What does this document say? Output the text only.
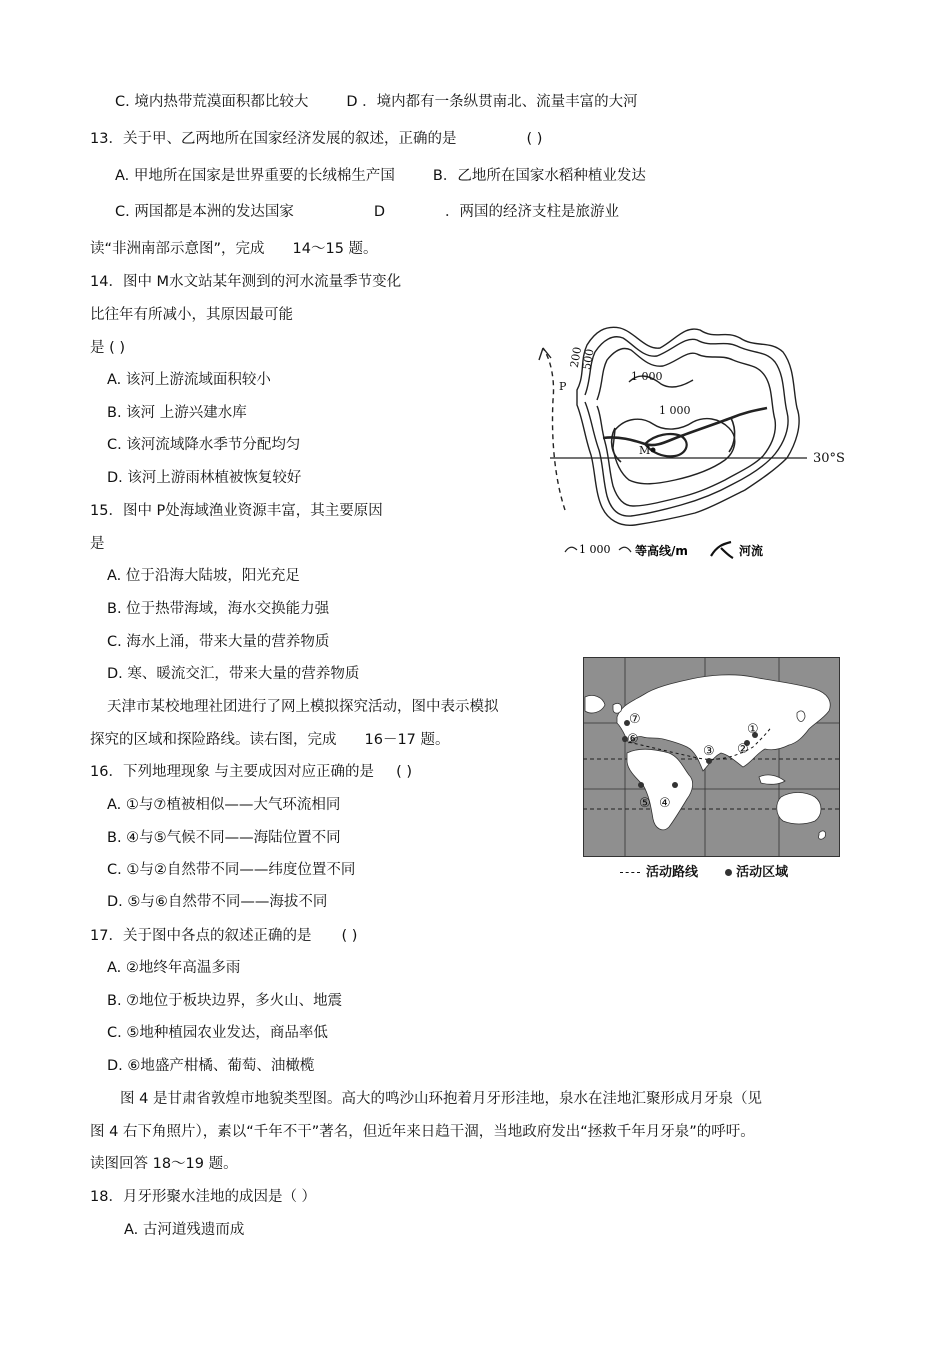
C. 境内热带荒漠面积都比较大	D ．境内都有一条纵贯南北、流量丰富的大河
13．关于甲、乙两地所在国家经济发展的叙述，正确的是	( )
A. 甲地所在国家是世界重要的长绒棉生产国	B．乙地所在国家水稻种植业发达
C. 两国都是本洲的发达国家	D	．两国的经济支柱是旅游业
读“非洲南部示意图”，完成 14～15 题。
14．图中 M水文站某年测到的河水流量季节变化
比往年有所减小，其原因最可能
是 ( )
A. 该河上游流域面积较小
B. 该河 上游兴建水库
C. 该河流域降水季节分配均匀
D. 该河上游雨林植被恢复较好
15．图中 P处海域渔业资源丰富，其主要原因
是
A. 位于沿海大陆坡，阳光充足
B. 位于热带海域，海水交换能力强
C. 海水上涌，带来大量的营养物质
D. 寒、暖流交汇，带来大量的营养物质
天津市某校地理社团进行了网上模拟探究活动，图中表示模拟
探究的区域和探险路线。读右图，完成 16－17 题。
16．下列地理现象 与主要成因对应正确的是 ( )
A. ①与⑦植被相似——大气环流相同
B. ④与⑤气候不同——海陆位置不同
C. ①与②自然带不同——纬度位置不同
D. ⑤与⑥自然带不同——海拔不同
17．关于图中各点的叙述正确的是 ( )
A. ②地终年高温多雨
B. ⑦地位于板块边界，多火山、地震
C. ⑤地种植园农业发达，商品率低
D. ⑥地盛产柑橘、葡萄、油橄榄
图 4 是甘肃省敦煌市地貌类型图。高大的鸣沙山环抱着月牙形洼地，泉水在洼地汇聚形成月牙泉（见
图 4 右下角照片），素以“千年不干”著名，但近年来日趋干涸，当地政府发出“拯救千年月牙泉”的呼吁。
读图回答 18～19 题。
18．月牙形聚水洼地的成因是（ ）
A. 古河道残遗而成
200
500
1 000
1 000
M
P
30°S
1 000 等高线/m	河流
①
②
③
④
⑤
⑥
⑦
活动路线	活动区域
